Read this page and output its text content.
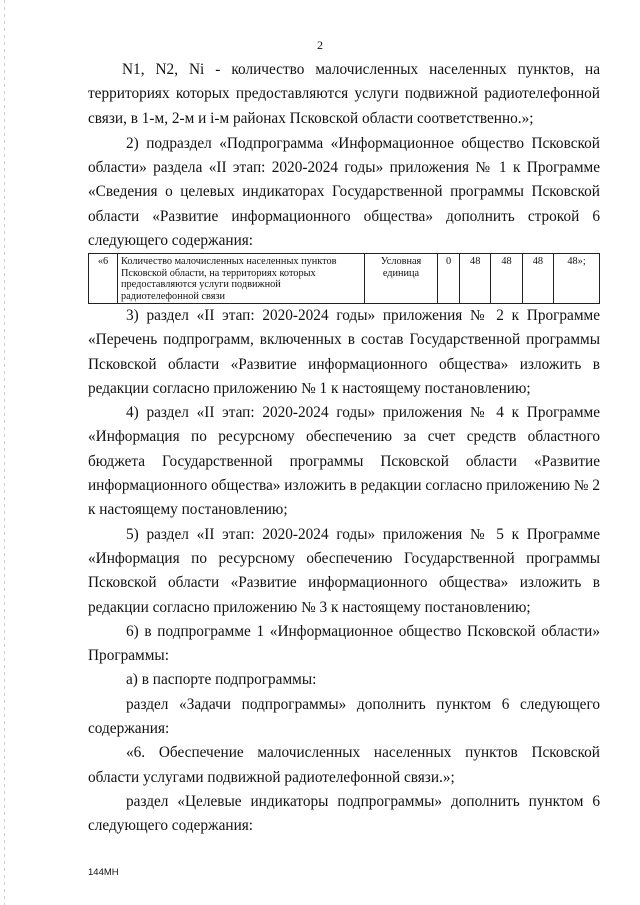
2

N1, N2, Ni - количество малочисленных населенных пунктов, на территориях которых предоставляются услуги подвижной радиотелефонной связи, в 1-м, 2-м и i-м районах Псковской области соответственно.»;

2) подраздел «Подпрограмма «Информационное общество Псковской области» раздела «II этап: 2020-2024 годы» приложения № 1 к Программе «Сведения о целевых индикаторах Государственной программы Псковской области «Развитие информационного общества» дополнить строкой 6 следующего содержания:

«6	Количество малочисленных населенных пунктов Псковской области, на территориях которых предоставляются услуги подвижной радиотелефонной связи	Условная единица	0	48	48	48	48»;

3) раздел «II этап: 2020-2024 годы» приложения № 2 к Программе «Перечень подпрограмм, включенных в состав Государственной программы Псковской области «Развитие информационного общества» изложить в редакции согласно приложению № 1 к настоящему постановлению;

4) раздел «II этап: 2020-2024 годы» приложения № 4 к Программе «Информация по ресурсному обеспечению за счет средств областного бюджета Государственной программы Псковской области «Развитие информационного общества» изложить в редакции согласно приложению № 2 к настоящему постановлению;

5) раздел «II этап: 2020-2024 годы» приложения № 5 к Программе «Информация по ресурсному обеспечению Государственной программы Псковской области «Развитие информационного общества» изложить в редакции согласно приложению № 3 к настоящему постановлению;

6) в подпрограмме 1 «Информационное общество Псковской области» Программы:

а) в паспорте подпрограммы:

раздел «Задачи подпрограммы» дополнить пунктом 6 следующего содержания:

«6. Обеспечение малочисленных населенных пунктов Псковской области услугами подвижной радиотелефонной связи.»;

раздел «Целевые индикаторы подпрограммы» дополнить пунктом 6 следующего содержания:

144МН
